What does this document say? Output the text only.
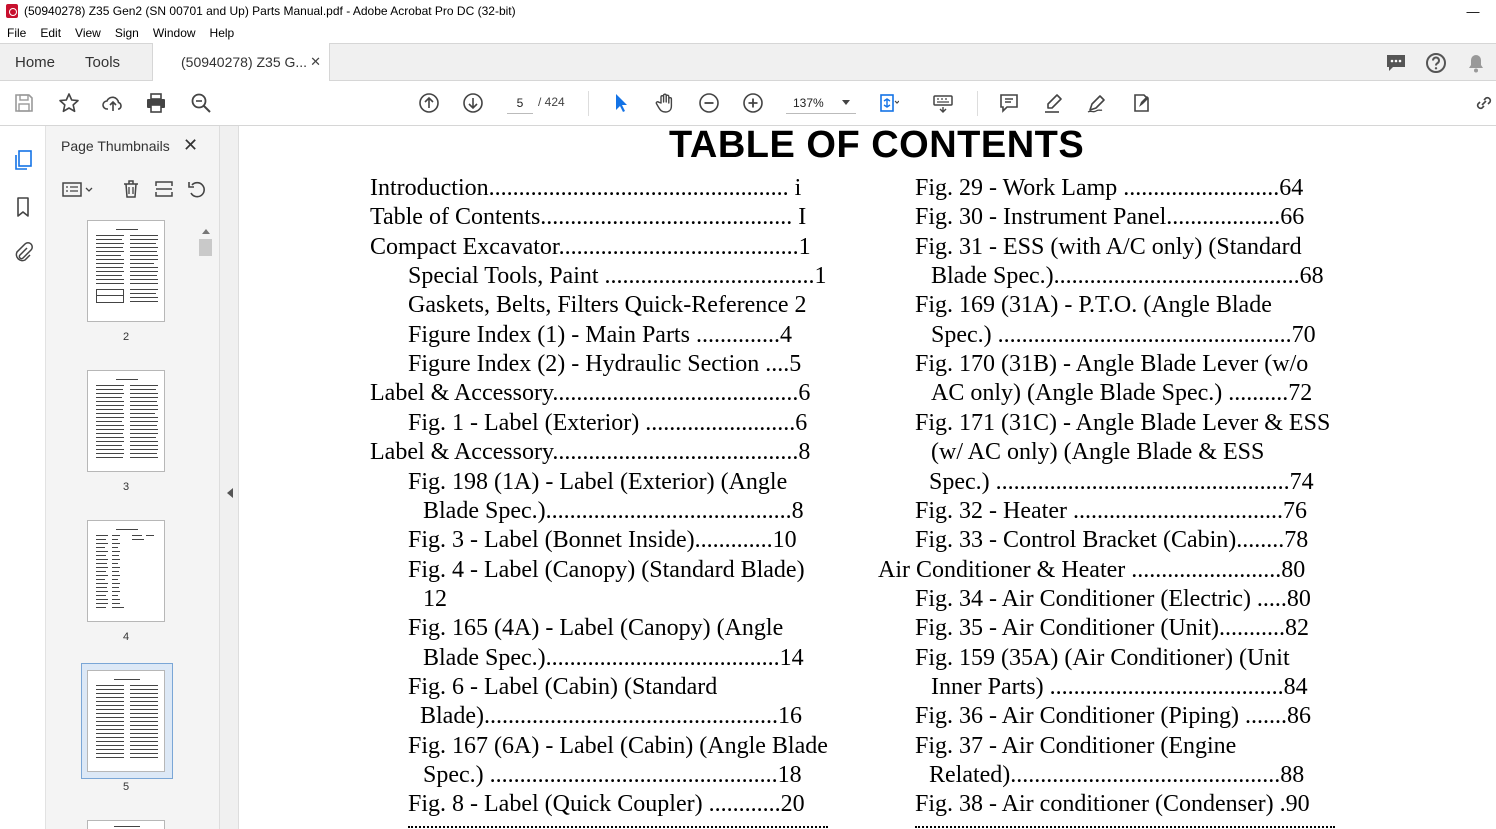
(50940278) Z35 Gen2 (SN 00701 and Up) Parts Manual.pdf - Adobe Acrobat Pro DC (32-bit)	—
File	Edit	View	Sign	Window	Help
Home	Tools	(50940278) Z35 G... ✕
5	/ 424	137%
Page Thumbnails ✕
2
3
4
5
TABLE OF CONTENTS
Introduction.................................................. i
Table of Contents.......................................... I
Compact Excavator........................................1
Special Tools, Paint ...................................1
Gaskets, Belts, Filters Quick-Reference 2
Figure Index (1) - Main Parts ..............4
Figure Index (2) - Hydraulic Section ....5
Label & Accessory.........................................6
Fig. 1 - Label (Exterior) .........................6
Label & Accessory.........................................8
Fig. 198 (1A) - Label (Exterior) (Angle
Blade Spec.).........................................8
Fig. 3 - Label (Bonnet Inside).............10
Fig. 4 - Label (Canopy) (Standard Blade)
12
Fig. 165 (4A) - Label (Canopy) (Angle
Blade Spec.).......................................14
Fig. 6 - Label (Cabin) (Standard
Blade).................................................16
Fig. 167 (6A) - Label (Cabin) (Angle Blade
Spec.) ................................................18
Fig. 8 - Label (Quick Coupler) ............20
Fig. 29 - Work Lamp ..........................64
Fig. 30 - Instrument Panel...................66
Fig. 31 - ESS (with A/C only) (Standard
Blade Spec.).........................................68
Fig. 169 (31A) - P.T.O. (Angle Blade
Spec.) .................................................70
Fig. 170 (31B) - Angle Blade Lever (w/o
AC only) (Angle Blade Spec.) ..........72
Fig. 171 (31C) - Angle Blade Lever & ESS
(w/ AC only) (Angle Blade & ESS
Spec.) .................................................74
Fig. 32 - Heater ...................................76
Fig. 33 - Control Bracket (Cabin)........78
Air Conditioner & Heater .........................80
Fig. 34 - Air Conditioner (Electric) .....80
Fig. 35 - Air Conditioner (Unit)...........82
Fig. 159 (35A) (Air Conditioner) (Unit
Inner Parts) .......................................84
Fig. 36 - Air Conditioner (Piping) .......86
Fig. 37 - Air Conditioner (Engine
Related).............................................88
Fig. 38 - Air conditioner (Condenser) .90
